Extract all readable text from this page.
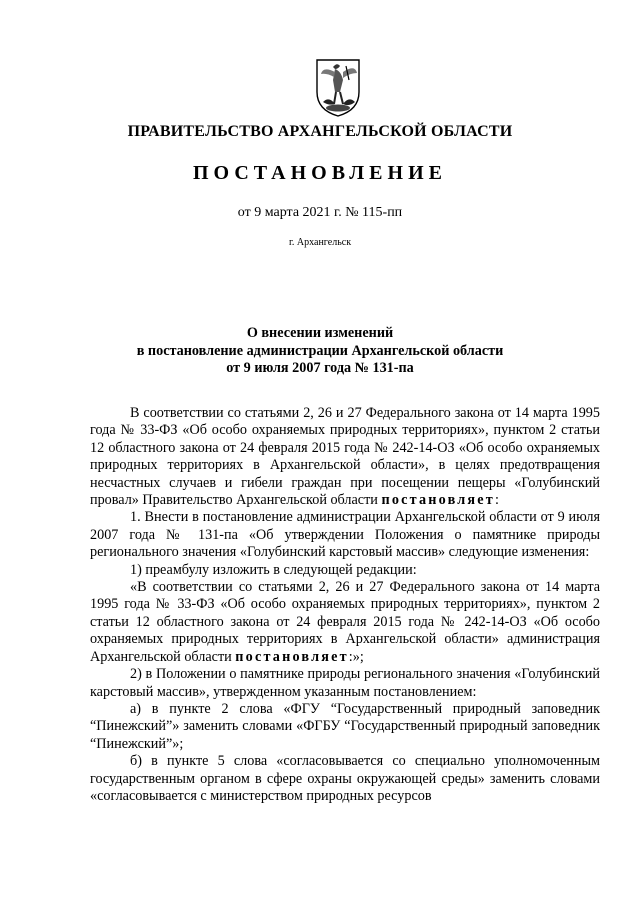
ПРАВИТЕЛЬСТВО АРХАНГЕЛЬСКОЙ ОБЛАСТИ
ПОСТАНОВЛЕНИЕ
от 9 марта 2021 г. № 115-пп
г. Архангельск
О внесении изменений
в постановление администрации Архангельской области
от 9 июля 2007 года № 131-па

В соответствии со статьями 2, 26 и 27 Федерального закона от 14 марта 1995 года № 33-ФЗ «Об особо охраняемых природных территориях», пунктом 2 статьи 12 областного закона от 24 февраля 2015 года № 242-14-ОЗ «Об особо охраняемых природных территориях в Архангельской области», в целях предотвращения несчастных случаев и гибели граждан при посещении пещеры «Голубинский провал» Правительство Архангельской области постановляет:

1. Внести в постановление администрации Архангельской области от 9 июля 2007 года № 131-па «Об утверждении Положения о памятнике природы регионального значения «Голубинский карстовый массив» следующие изменения:

1) преамбулу изложить в следующей редакции:

«В соответствии со статьями 2, 26 и 27 Федерального закона от 14 марта 1995 года № 33-ФЗ «Об особо охраняемых природных территориях», пунктом 2 статьи 12 областного закона от 24 февраля 2015 года № 242-14-ОЗ «Об особо охраняемых природных территориях в Архангельской области» администрация Архангельской области постановляет:»;

2) в Положении о памятнике природы регионального значения «Голубинский карстовый массив», утвержденном указанным постановлением:

а) в пункте 2 слова «ФГУ “Государственный природный заповедник “Пинежский”» заменить словами «ФГБУ “Государственный природный заповедник “Пинежский”»;

б) в пункте 5 слова «согласовывается со специально уполномоченным государственным органом в сфере охраны окружающей среды» заменить словами «согласовывается с министерством природных ресурсов
